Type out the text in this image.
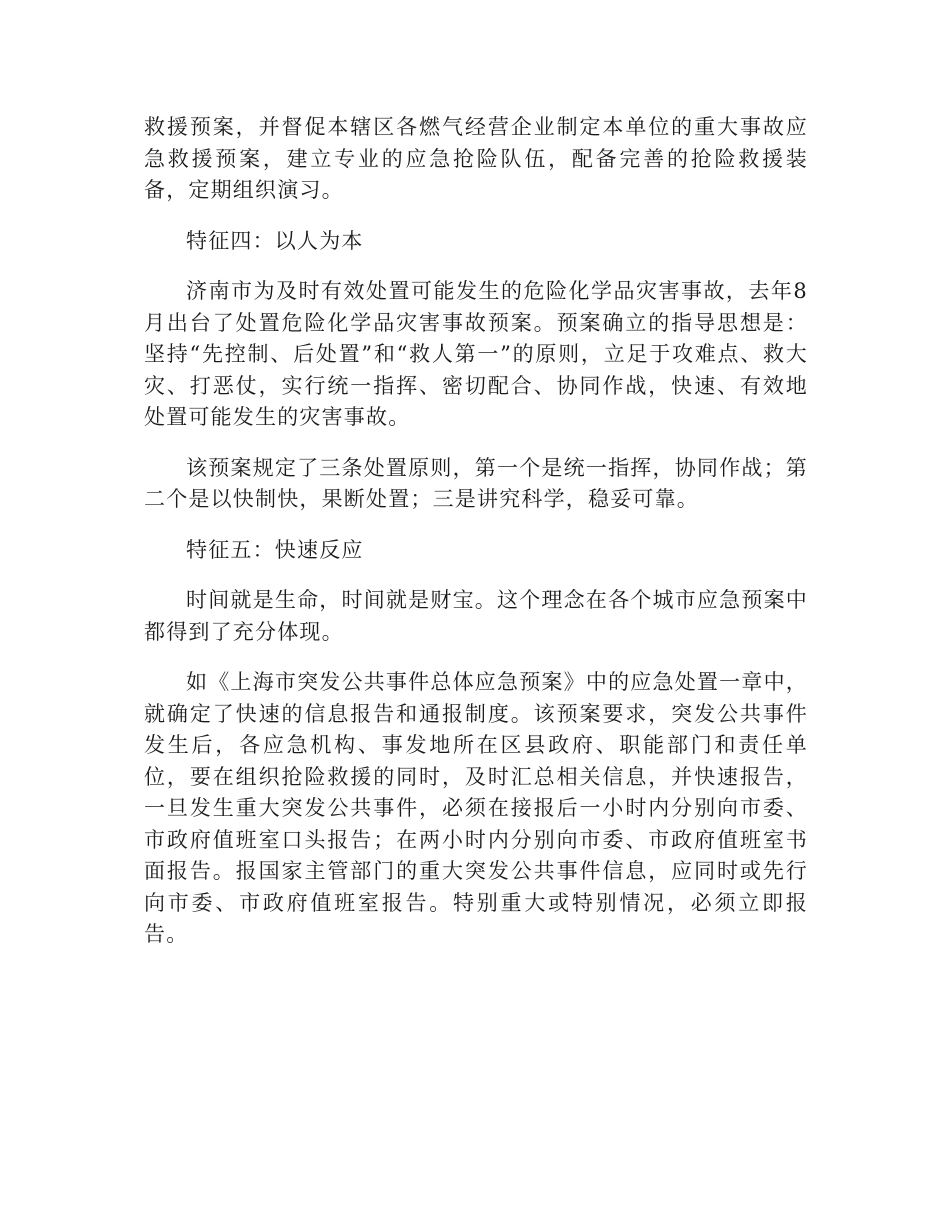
救援预案，并督促本辖区各燃气经营企业制定本单位的重大事故应急救援预案，建立专业的应急抢险队伍，配备完善的抢险救援装备，定期组织演习。

特征四：以人为本

济南市为及时有效处置可能发生的危险化学品灾害事故，去年8月出台了处置危险化学品灾害事故预案。预案确立的指导思想是： 坚持“先控制、后处置”和“救人第一”的原则，立足于攻难点、救大灾、打恶仗，实行统一指挥、密切配合、协同作战，快速、有效地处置可能发生的灾害事故。

该预案规定了三条处置原则，第一个是统一指挥，协同作战；第二个是以快制快，果断处置；三是讲究科学，稳妥可靠。

特征五：快速反应

时间就是生命，时间就是财宝。这个理念在各个城市应急预案中都得到了充分体现。

如《上海市突发公共事件总体应急预案》中的应急处置一章中，就确定了快速的信息报告和通报制度。该预案要求，突发公共事件发生后，各应急机构、事发地所在区县政府、职能部门和责任单位，要在组织抢险救援的同时，及时汇总相关信息，并快速报告，一旦发生重大突发公共事件，必须在接报后一小时内分别向市委、市政府值班室口头报告；在两小时内分别向市委、市政府值班室书面报告。报国家主管部门的重大突发公共事件信息，应同时或先行向市委、市政府值班室报告。特别重大或特别情况，必须立即报告。
